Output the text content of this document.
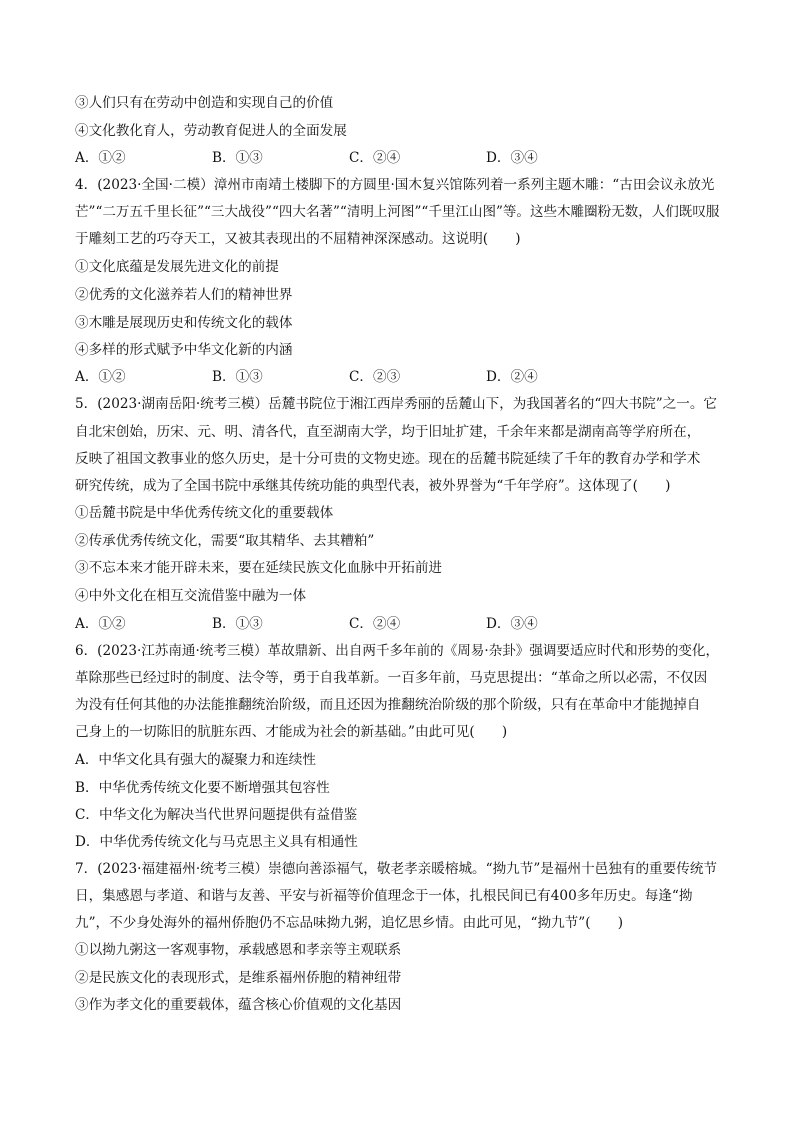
③人们只有在劳动中创造和实现自己的价值
④文化教化育人，劳动教育促进人的全面发展
A．①②	B．①③	C．②④	D．③④
4．(2023·全国·二模）漳州市南靖土楼脚下的方圆里·国木复兴馆陈列着一系列主题木雕：“古田会议永放光
芒”“二万五千里长征”“三大战役”“四大名著”“清明上河图”“千里江山图”等。这些木雕圈粉无数，人们既叹服
于雕刻工艺的巧夺天工，又被其表现出的不屈精神深深感动。这说明(　　)
①文化底蕴是发展先进文化的前提
②优秀的文化滋养若人们的精神世界
③木雕是展现历史和传统文化的载体
④多样的形式赋予中华文化新的内涵
A．①②	B．①③	C．②③	D．②④
5．(2023·湖南岳阳·统考三模）岳麓书院位于湘江西岸秀丽的岳麓山下，为我国著名的“四大书院”之一。它
自北宋创始，历宋、元、明、清各代，直至湖南大学，均于旧址扩建，千余年来都是湖南高等学府所在，
反映了祖国文教事业的悠久历史，是十分可贵的文物史迹。现在的岳麓书院延续了千年的教育办学和学术
研究传统，成为了全国书院中承继其传统功能的典型代表，被外界誉为“千年学府”。这体现了(　　)
①岳麓书院是中华优秀传统文化的重要载体
②传承优秀传统文化，需要“取其精华、去其糟粕”
③不忘本来才能开辟未来，要在延续民族文化血脉中开拓前进
④中外文化在相互交流借鉴中融为一体
A．①②	B．①③	C．②④	D．③④
6．(2023·江苏南通·统考三模）革故鼎新、出自两千多年前的《周易·杂卦》强调要适应时代和形势的变化，
革除那些已经过时的制度、法令等，勇于自我革新。一百多年前，马克思提出：“革命之所以必需，不仅因
为没有任何其他的办法能推翻统治阶级，而且还因为推翻统治阶级的那个阶级，只有在革命中才能抛掉自
己身上的一切陈旧的肮脏东西、才能成为社会的新基础。”由此可见(　　)
A．中华文化具有强大的凝聚力和连续性
B．中华优秀传统文化要不断增强其包容性
C．中华文化为解决当代世界问题提供有益借鉴
D．中华优秀传统文化与马克思主义具有相通性
7．(2023·福建福州·统考三模）崇德向善添福气，敬老孝亲暖榕城。“拗九节”是福州十邑独有的重要传统节
日，集感恩与孝道、和谐与友善、平安与祈福等价值理念于一体，扎根民间已有400多年历史。每逢“拗
九”，不少身处海外的福州侨胞仍不忘品味拗九粥，追忆思乡情。由此可见，“拗九节”(　　)
①以拗九粥这一客观事物，承载感恩和孝亲等主观联系
②是民族文化的表现形式，是维系福州侨胞的精神纽带
③作为孝文化的重要载体，蕴含核心价值观的文化基因
